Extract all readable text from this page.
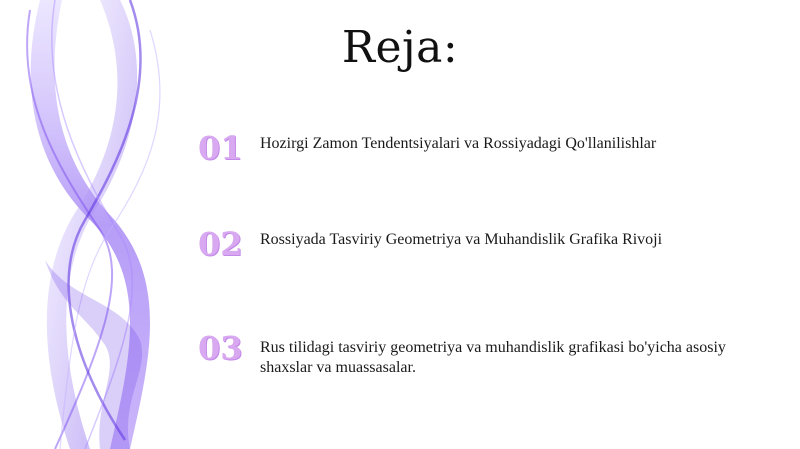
Reja:
01	Hozirgi Zamon Tendentsiyalari va Rossiyadagi Qo'llanilishlar
02	Rossiyada Tasviriy Geometriya va Muhandislik Grafika Rivoji
03	Rus tilidagi tasviriy geometriya va muhandislik grafikasi bo'yicha asosiy shaxslar va muassasalar.
